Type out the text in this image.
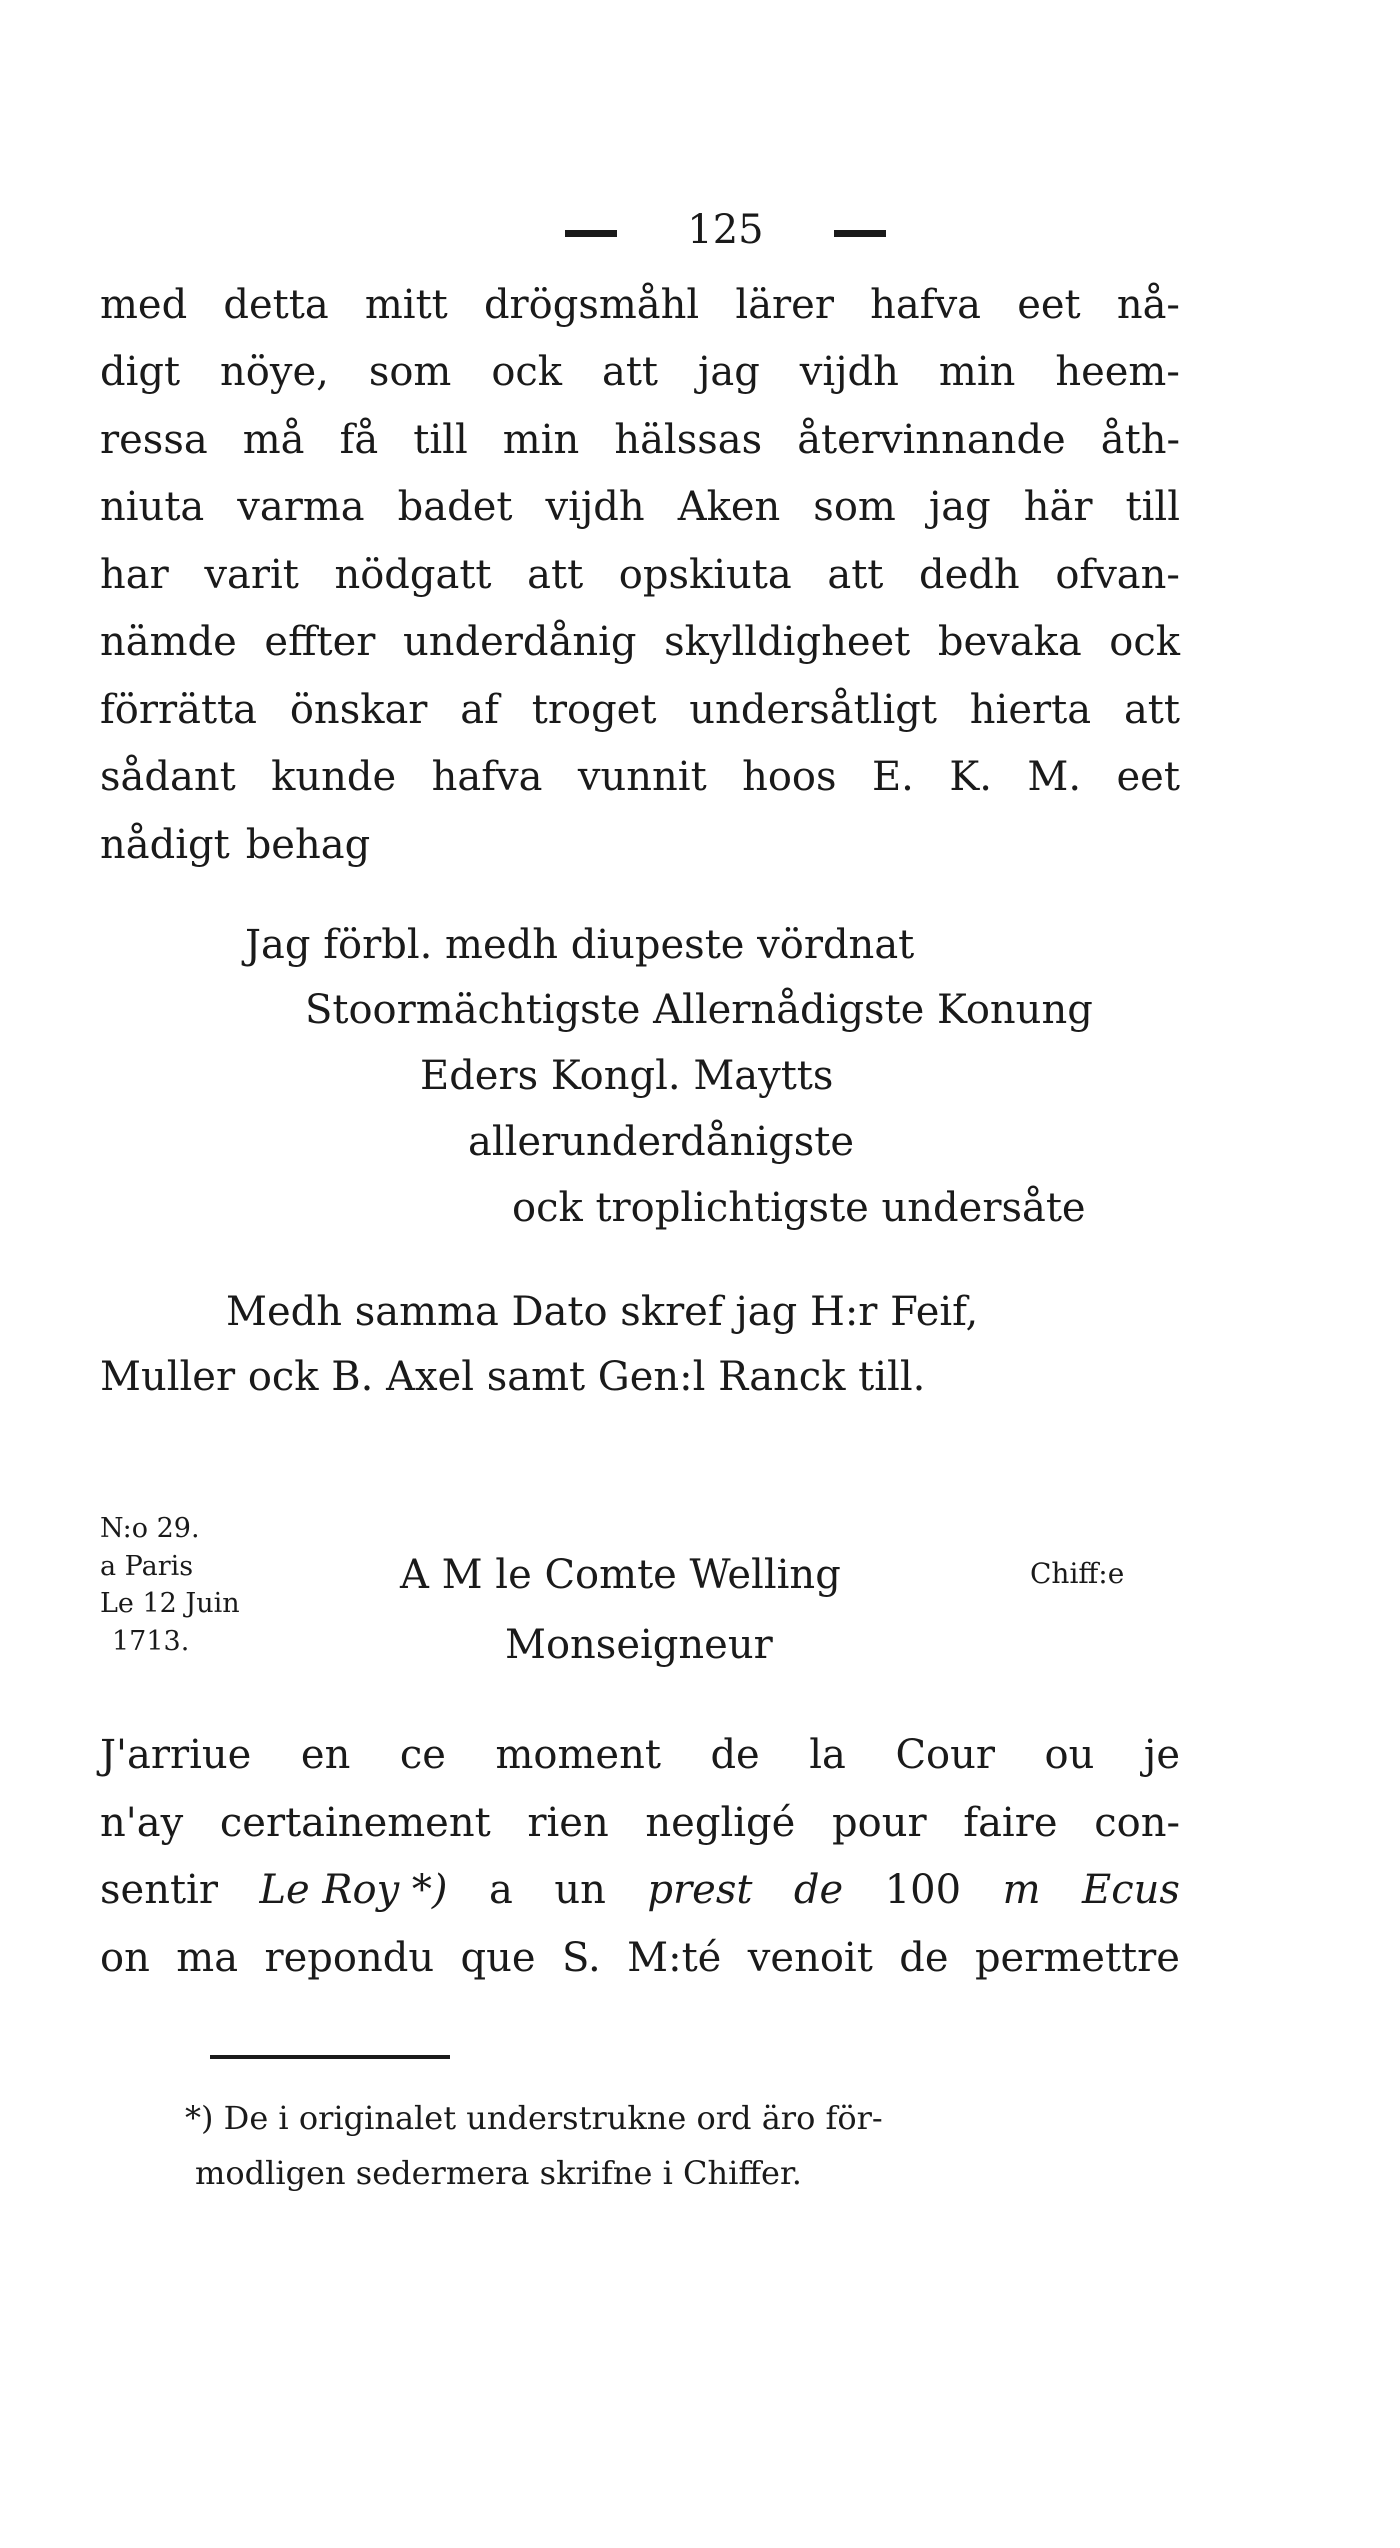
125

med detta mitt drögsmåhl lärer hafva eet nå-
digt nöye, som ock att jag vijdh min heem-
ressa må få till min hälssas återvinnande åth-
niuta varma badet vijdh Aken som jag här till
har varit nödgatt att opskiuta att dedh ofvan-
nämde effter underdånig skylldigheet bevaka ock
förrätta önskar af troget undersåtligt hierta att
sådant kunde hafva vunnit hoos E. K. M. eet
nådigt behag
Jag förbl. medh diupeste vördnat
Stoormächtigste Allernådigste Konung
Eders Kongl. Maytts
allerunderdånigste
ock troplichtigste undersåte
Medh samma Dato skref jag H:r Feif,
Muller ock B. Axel samt Gen:l Ranck till.
N:o 29.
a Paris
Le 12 Juin
1713.
A M le Comte Welling	Chiff:e
Monseigneur
J'arriue en ce moment de la Cour ou je
n'ay certainement rien negligé pour faire con-
sentir Le Roy *) a un prest de 100 m Ecus
on ma repondu que S. M:té venoit de permettre
*) De i originalet understrukne ord äro för-
modligen sedermera skrifne i Chiffer.
